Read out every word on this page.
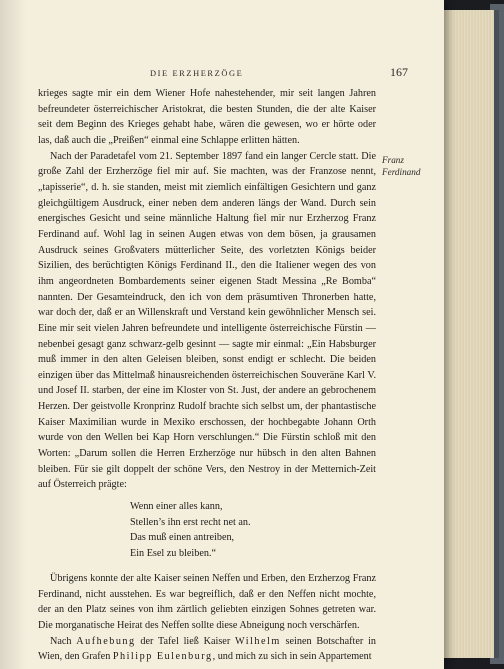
DIE ERZHERZÖGE	167
Franz
Ferdinand

krieges sagte mir ein dem Wiener Hofe nahestehender, mir seit langen Jahren befreundeter österreichischer Aristokrat, die besten Stunden, die der alte Kaiser seit dem Beginn des Krieges gehabt habe, wären die gewesen, wo er hörte oder las, daß auch die „Preißen“ einmal eine Schlappe erlitten hätten.

Nach der Paradetafel vom 21. September 1897 fand ein langer Cercle statt. Die große Zahl der Erzherzöge fiel mir auf. Sie machten, was der Franzose nennt, „tapisserie“, d. h. sie standen, meist mit ziemlich einfältigen Gesichtern und ganz gleichgültigem Ausdruck, einer neben dem anderen längs der Wand. Durch sein energisches Gesicht und seine männliche Haltung fiel mir nur Erzherzog Franz Ferdinand auf. Wohl lag in seinen Augen etwas von dem bösen, ja grausamen Ausdruck seines Großvaters mütterlicher Seite, des vorletzten Königs beider Sizilien, des berüchtigten Königs Ferdinand II., den die Italiener wegen des von ihm angeordneten Bombardements seiner eigenen Stadt Messina „Re Bomba“ nannten. Der Gesamteindruck, den ich von dem präsumtiven Thronerben hatte, war doch der, daß er an Willenskraft und Verstand kein gewöhnlicher Mensch sei. Eine mir seit vielen Jahren befreundete und intelligente österreichische Fürstin — nebenbei gesagt ganz schwarz-gelb gesinnt — sagte mir einmal: „Ein Habsburger muß immer in den alten Geleisen bleiben, sonst endigt er schlecht. Die beiden einzigen über das Mittelmaß hinausreichenden österreichischen Souveräne Karl V. und Josef II. starben, der eine im Kloster von St. Just, der andere an gebrochenem Herzen. Der geistvolle Kronprinz Rudolf brachte sich selbst um, der phantastische Kaiser Maximilian wurde in Mexiko erschossen, der hochbegabte Johann Orth wurde von den Wellen bei Kap Horn verschlungen.“ Die Fürstin schloß mit den Worten: „Darum sollen die Herren Erzherzöge nur hübsch in den alten Bahnen bleiben. Für sie gilt doppelt der schöne Vers, den Nestroy in der Metternich-Zeit auf Österreich prägte:

Wenn einer alles kann,
Stellen’s ihn erst recht net an.
Das muß einen antreiben,
Ein Esel zu bleiben.“

Übrigens konnte der alte Kaiser seinen Neffen und Erben, den Erzherzog Franz Ferdinand, nicht ausstehen. Es war begreiflich, daß er den Neffen nicht mochte, der an den Platz seines von ihm zärtlich geliebten einzigen Sohnes getreten war. Die morganatische Heirat des Neffen sollte diese Abneigung noch verschärfen.

Nach Aufhebung der Tafel ließ Kaiser Wilhelm seinen Botschafter in Wien, den Grafen Philipp Eulenburg, und mich zu sich in sein Appartement
